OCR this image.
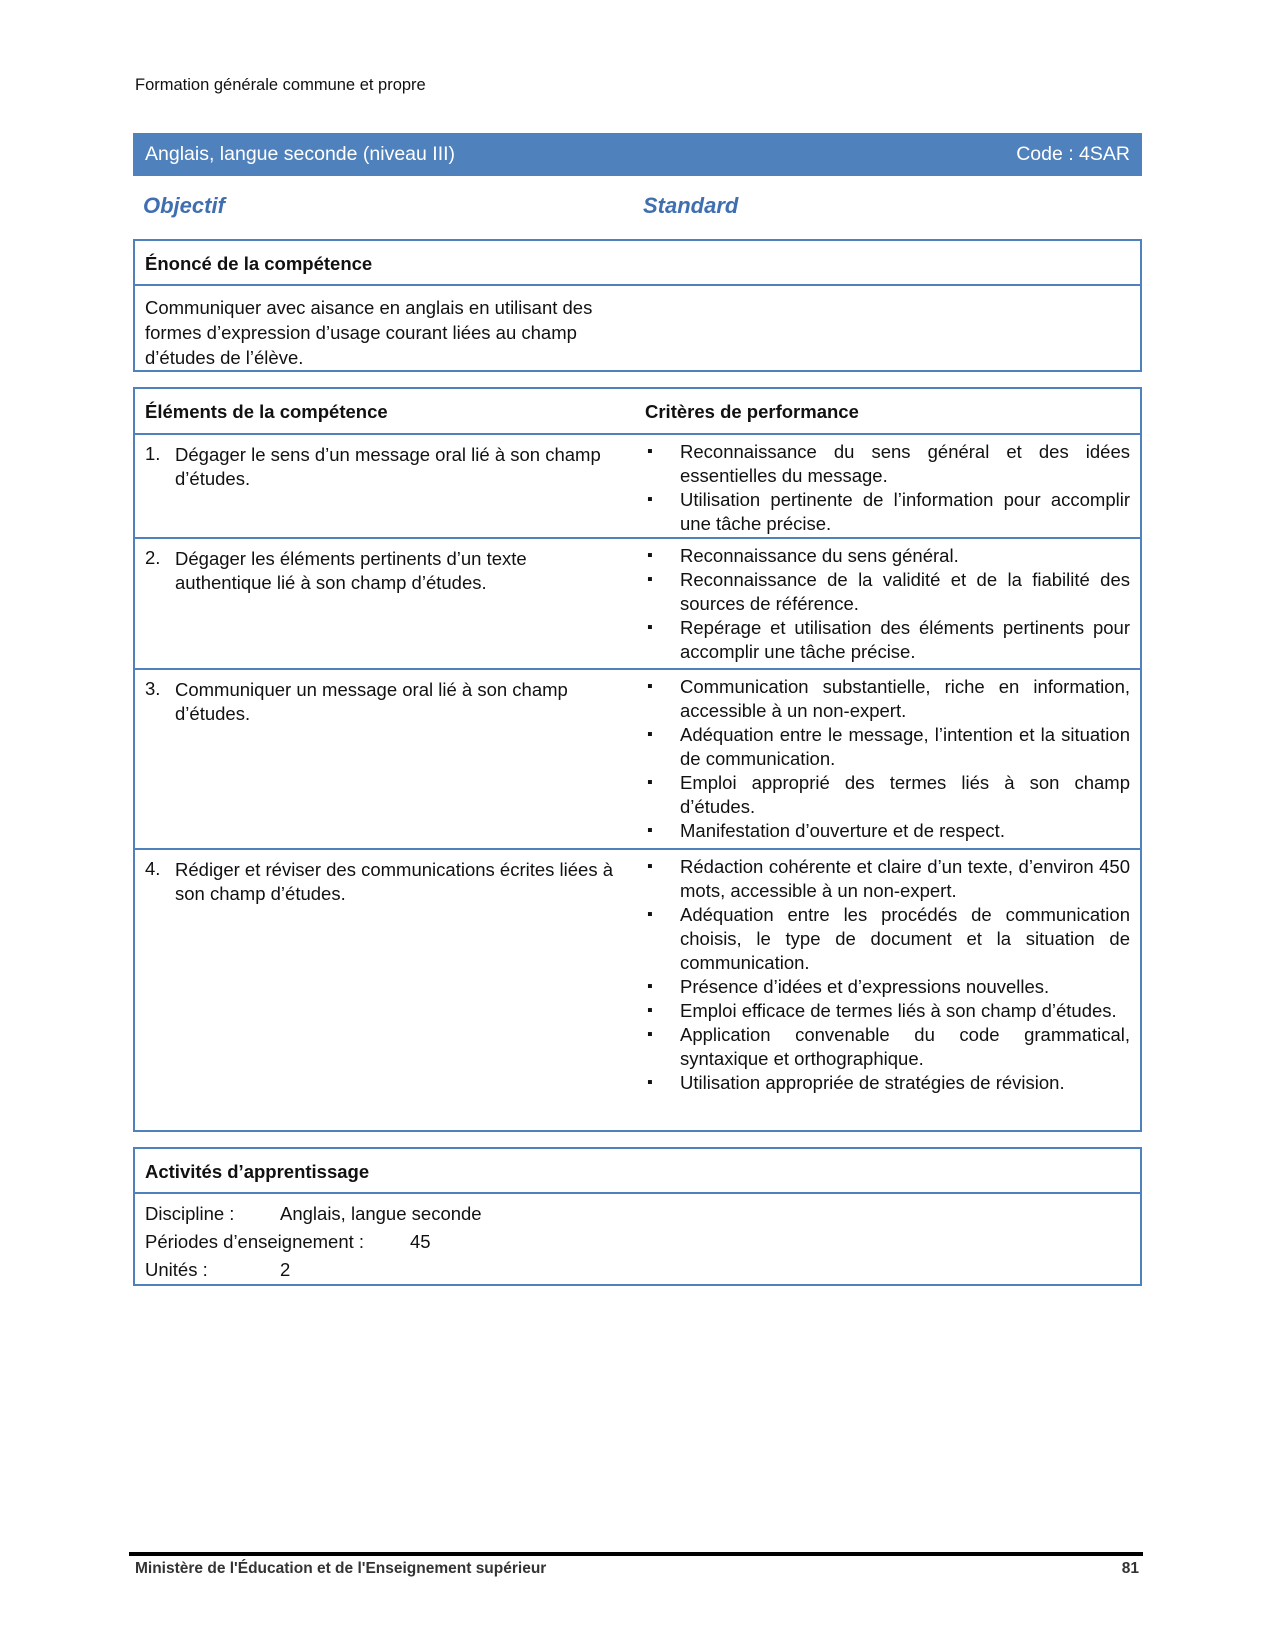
Formation générale commune et propre
Anglais, langue seconde (niveau III)	Code : 4SAR
Objectif	Standard
Énoncé de la compétence
Communiquer avec aisance en anglais en utilisant des formes d’expression d’usage courant liées au champ d’études de l’élève.
Éléments de la compétence	Critères de performance
1. Dégager le sens d’un message oral lié à son champ d’études.
▪ Reconnaissance du sens général et des idées essentielles du message.
▪ Utilisation pertinente de l’information pour accomplir une tâche précise.
2. Dégager les éléments pertinents d’un texte authentique lié à son champ d’études.
▪ Reconnaissance du sens général.
▪ Reconnaissance de la validité et de la fiabilité des sources de référence.
▪ Repérage et utilisation des éléments pertinents pour accomplir une tâche précise.
3. Communiquer un message oral lié à son champ d’études.
▪ Communication substantielle, riche en information, accessible à un non-expert.
▪ Adéquation entre le message, l’intention et la situation de communication.
▪ Emploi approprié des termes liés à son champ d’études.
▪ Manifestation d’ouverture et de respect.
4. Rédiger et réviser des communications écrites liées à son champ d’études.
▪ Rédaction cohérente et claire d’un texte, d’environ 450 mots, accessible à un non-expert.
▪ Adéquation entre les procédés de communication choisis, le type de document et la situation de communication.
▪ Présence d’idées et d’expressions nouvelles.
▪ Emploi efficace de termes liés à son champ d’études.
▪ Application convenable du code grammatical, syntaxique et orthographique.
▪ Utilisation appropriée de stratégies de révision.
Activités d’apprentissage
Discipline : Anglais, langue seconde
Périodes d’enseignement : 45
Unités :	2
Ministère de l'Éducation et de l'Enseignement supérieur	81
